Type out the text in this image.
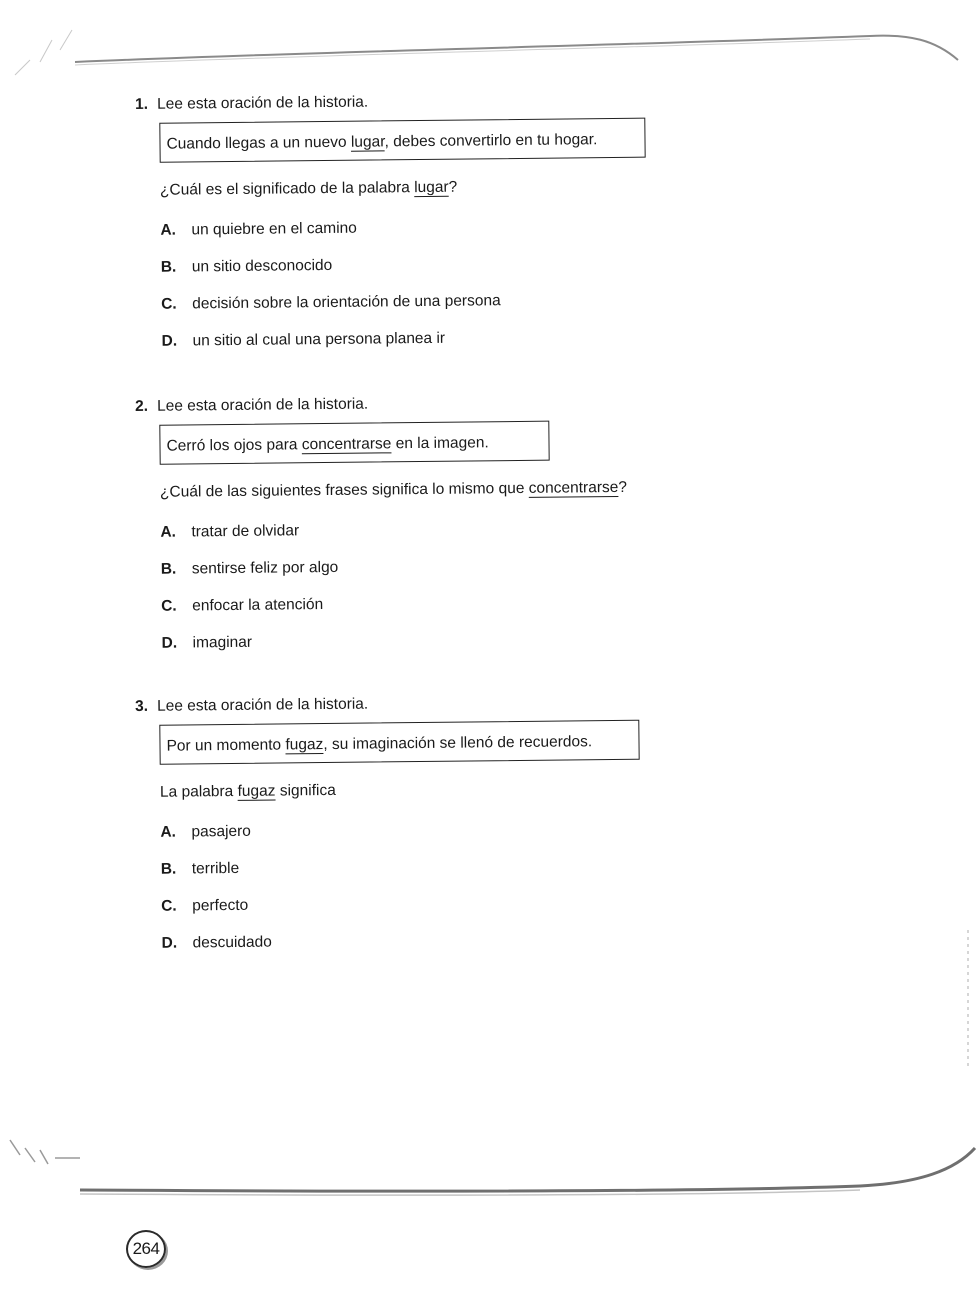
1. Lee esta oración de la historia.
Cuando llegas a un nuevo lugar, debes convertirlo en tu hogar.
¿Cuál es el significado de la palabra lugar?
A. un quiebre en el camino
B. un sitio desconocido
C. decisión sobre la orientación de una persona
D. un sitio al cual una persona planea ir
2. Lee esta oración de la historia.
Cerró los ojos para concentrarse en la imagen.
¿Cuál de las siguientes frases significa lo mismo que concentrarse?
A. tratar de olvidar
B. sentirse feliz por algo
C. enfocar la atención
D. imaginar
3. Lee esta oración de la historia.
Por un momento fugaz, su imaginación se llenó de recuerdos.
La palabra fugaz significa
A. pasajero
B. terrible
C. perfecto
D. descuidado
264
